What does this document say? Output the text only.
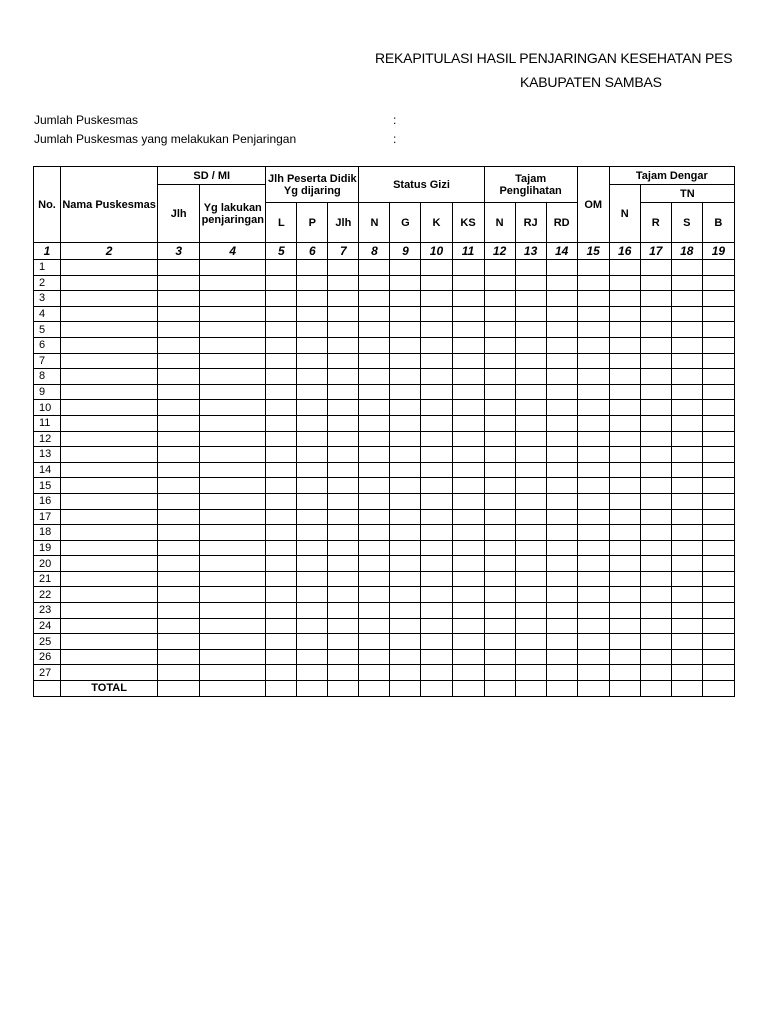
REKAPITULASI HASIL PENJARINGAN KESEHATAN PES
KABUPATEN SAMBAS
Jumlah Puskesmas	:
Jumlah Puskesmas yang melakukan Penjaringan	:
No.	Nama Puskesmas	SD / MI		Jlh Peserta Didik Yg dijaring			Status Gizi				Tajam Penglihatan			OM	Tajam Dengar			
		Jlh	Yg lakukan penjaringan												N	TN		
				L	P	Jlh	N	G	K	KS	N	RJ	RD			R	S	B
1	2	3	4	5	6	7	8	9	10	11	12	13	14	15	16	17	18	19
1																		
2																		
3																		
4																		
5																		
6																		
7																		
8																		
9																		
10																		
11																		
12																		
13																		
14																		
15																		
16																		
17																		
18																		
19																		
20																		
21																		
22																		
23																		
24																		
25																		
26																		
27																		
	TOTAL																	
